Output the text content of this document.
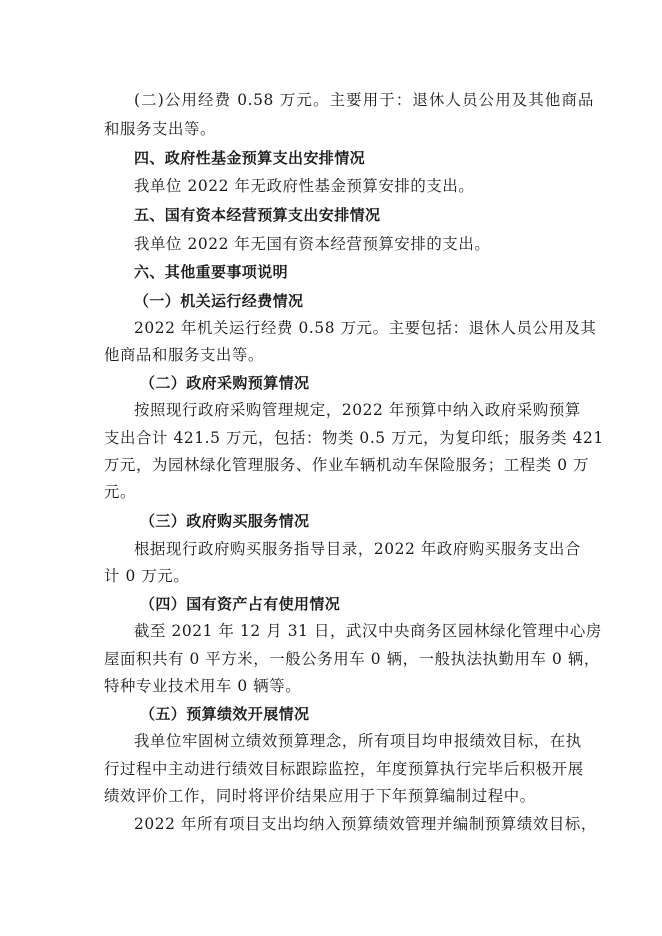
(二)公用经费 0.58 万元。主要用于：退休人员公用及其他商品
和服务支出等。
四、政府性基金预算支出安排情况
我单位 2022 年无政府性基金预算安排的支出。
五、国有资本经营预算支出安排情况
我单位 2022 年无国有资本经营预算安排的支出。
六、其他重要事项说明
（一）机关运行经费情况
2022 年机关运行经费 0.58 万元。主要包括：退休人员公用及其
他商品和服务支出等。
（二）政府采购预算情况
按照现行政府采购管理规定，2022 年预算中纳入政府采购预算
支出合计 421.5 万元，包括：物类 0.5 万元，为复印纸；服务类 421
万元，为园林绿化管理服务、作业车辆机动车保险服务；工程类 0 万
元。
（三）政府购买服务情况
根据现行政府购买服务指导目录，2022 年政府购买服务支出合
计 0 万元。
（四）国有资产占有使用情况
截至 2021 年 12 月 31 日，武汉中央商务区园林绿化管理中心房
屋面积共有 0 平方米，一般公务用车 0 辆，一般执法执勤用车 0 辆，
特种专业技术用车 0 辆等。
（五）预算绩效开展情况
我单位牢固树立绩效预算理念，所有项目均申报绩效目标，在执
行过程中主动进行绩效目标跟踪监控，年度预算执行完毕后积极开展
绩效评价工作，同时将评价结果应用于下年预算编制过程中。
2022 年所有项目支出均纳入预算绩效管理并编制预算绩效目标，
